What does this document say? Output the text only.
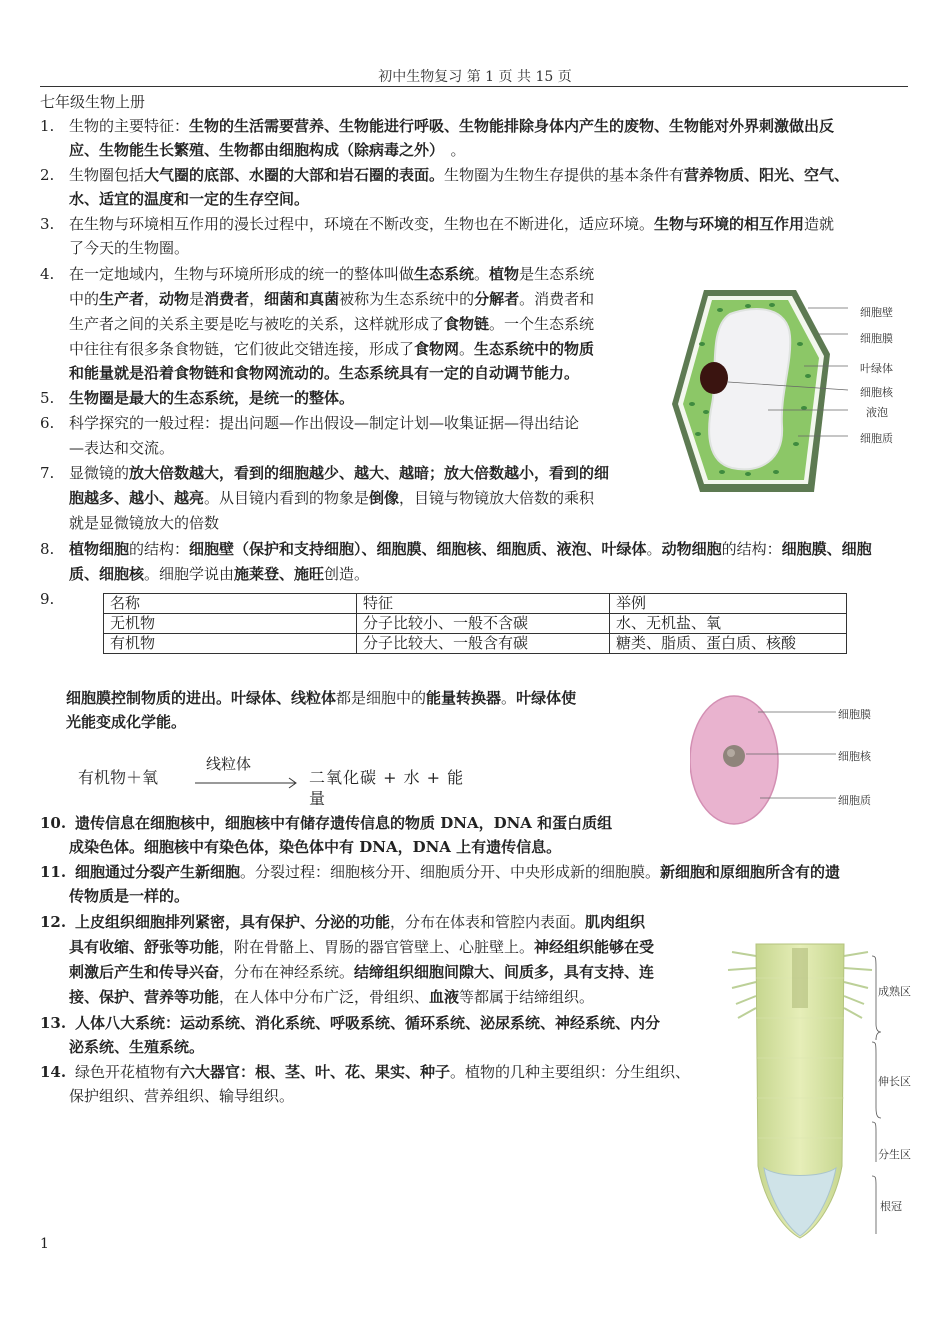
初中生物复习 第 1 页 共 15 页
七年级生物上册
1. 生物的主要特征：生物的生活需要营养、生物能进行呼吸、生物能排除身体内产生的废物、生物能对外界刺激做出反
应、生物能生长繁殖、生物都由细胞构成（除病毒之外） 。
2. 生物圈包括大气圈的底部、水圈的大部和岩石圈的表面。生物圈为生物生存提供的基本条件有营养物质、阳光、空气、
水、适宜的温度和一定的生存空间。
3. 在生物与环境相互作用的漫长过程中，环境在不断改变，生物也在不断进化，适应环境。生物与环境的相互作用造就
了今天的生物圈。
4. 在一定地域内，生物与环境所形成的统一的整体叫做生态系统。植物是生态系统
中的生产者，动物是消费者，细菌和真菌被称为生态系统中的分解者。消费者和
生产者之间的关系主要是吃与被吃的关系，这样就形成了食物链。一个生态系统
中往往有很多条食物链，它们彼此交错连接，形成了食物网。生态系统中的物质
和能量就是沿着食物链和食物网流动的。生态系统具有一定的自动调节能力。
5. 生物圈是最大的生态系统，是统一的整体。
6. 科学探究的一般过程：提出问题—作出假设—制定计划—收集证据—得出结论
—表达和交流。
7. 显微镜的放大倍数越大，看到的细胞越少、越大、越暗；放大倍数越小，看到的细
胞越多、越小、越亮。从目镜内看到的物象是倒像，目镜与物镜放大倍数的乘积
就是显微镜放大的倍数
8. 植物细胞的结构：细胞壁（保护和支持细胞）、细胞膜、细胞核、细胞质、液泡、叶绿体。动物细胞的结构：细胞膜、细胞
质、细胞核。细胞学说由施莱登、施旺创造。
9.	名称	特征	举例
无机物	分子比较小、一般不含碳	水、无机盐、氧
有机物	分子比较大、一般含有碳	糖类、脂质、蛋白质、核酸
细胞膜控制物质的进出。叶绿体、线粒体都是细胞中的能量转换器。叶绿体使
光能变成化学能。
有机物＋氧
线粒体
二氧化碳 + 水 + 能
量
10. 遗传信息在细胞核中，细胞核中有储存遗传信息的物质 DNA，DNA 和蛋白质组
成染色体。细胞核中有染色体，染色体中有 DNA，DNA 上有遗传信息。
11. 细胞通过分裂产生新细胞。分裂过程：细胞核分开、细胞质分开、中央形成新的细胞膜。新细胞和原细胞所含有的遗
传物质是一样的。
12. 上皮组织细胞排列紧密，具有保护、分泌的功能，分布在体表和管腔内表面。肌肉组织
具有收缩、舒张等功能，附在骨骼上、胃肠的器官管壁上、心脏壁上。神经组织能够在受
刺激后产生和传导兴奋，分布在神经系统。结缔组织细胞间隙大、间质多，具有支持、连
接、保护、营养等功能，在人体中分布广泛，骨组织、血液等都属于结缔组织。
13. 人体八大系统：运动系统、消化系统、呼吸系统、循环系统、泌尿系统、神经系统、内分
泌系统、生殖系统。
14. 绿色开花植物有六大器官：根、茎、叶、花、果实、种子。植物的几种主要组织：分生组织、
保护组织、营养组织、输导组织。
细胞壁
细胞膜
叶绿体
细胞核
液泡
细胞质
细胞膜
细胞核
细胞质
成熟区
伸长区
分生区
根冠
1
